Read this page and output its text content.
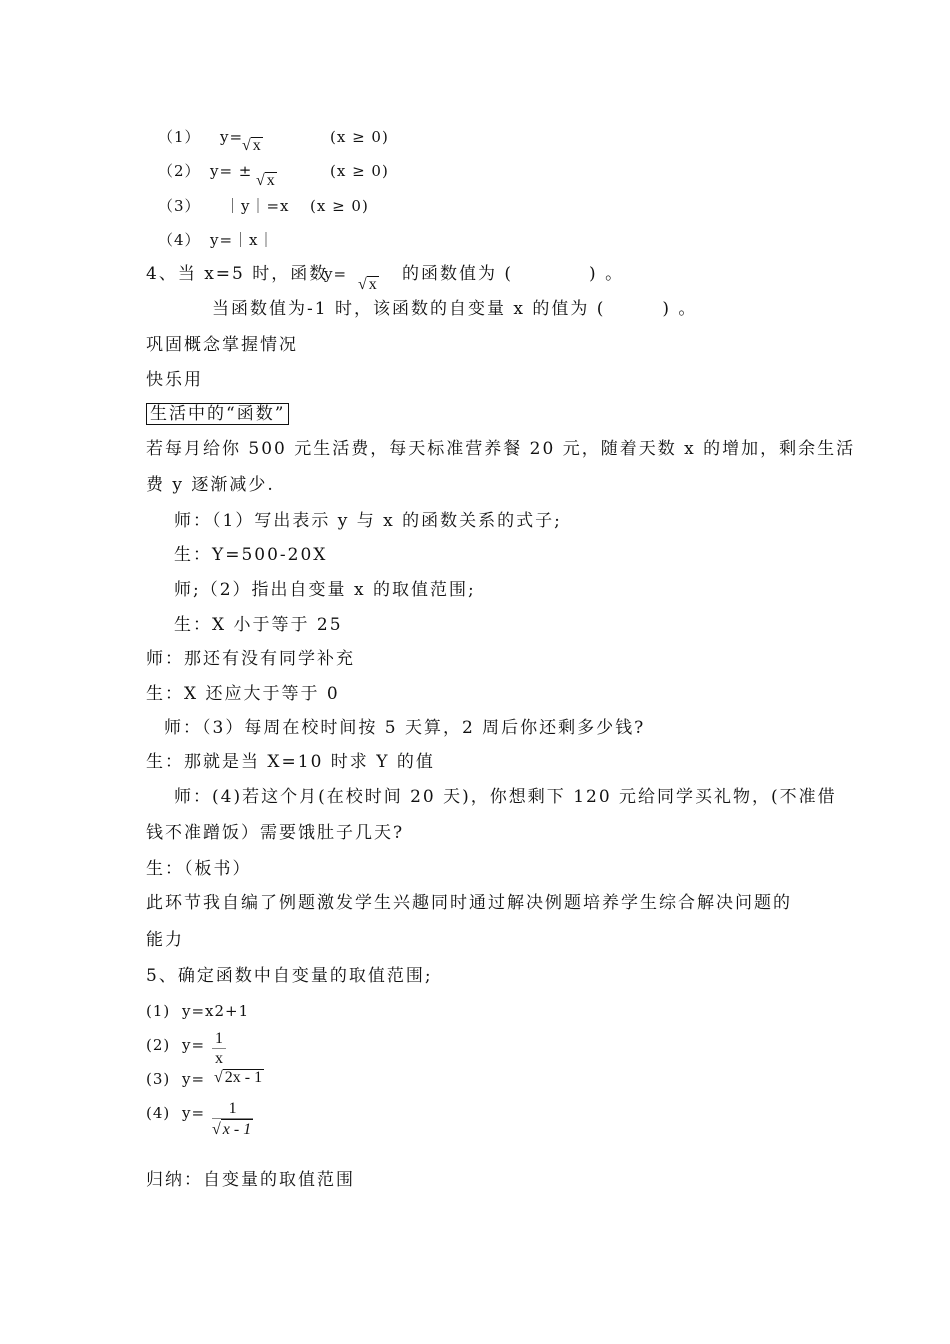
（1） y=
√ x	(x ≥ 0)
（2） y= ±
√ x
(x ≥ 0)
（3） ｜y｜=x (x ≥ 0)
（4） y=｜x｜
4、当 x=5 时，函数
y=
√ x
的函数值为 (　　　　) 。
当函数值为-1 时，该函数的自变量 x 的值为 (　　　) 。
巩固概念掌握情况
快乐用
生活中的“函数”
若每月给你 500 元生活费，每天标准营养餐 20 元，随着天数 x 的增加，剩余生活
费 y 逐渐减少.
师：（1）写出表示 y 与 x 的函数关系的式子;
生：Y=500-20X
师;（2）指出自变量 x 的取值范围;
生：X 小于等于 25
师：那还有没有同学补充
生：X 还应大于等于 0
师：（3）每周在校时间按 5 天算，2 周后你还剩多少钱?
生：那就是当 X=10 时求 Y 的值
师：(4)若这个月(在校时间 20 天)，你想剩下 120 元给同学买礼物，(不准借
钱不准蹭饭）需要饿肚子几天?
生：（板书）
此环节我自编了例题激发学生兴趣同时通过解决例题培养学生综合解决问题的
能力
5、确定函数中自变量的取值范围;
(1) y=x2+1
(2) $y= \frac{1}{x}$
(3) y= √ 2x - 1
(4) $y= \frac{1}{√ x - 1}$
归纳：自变量的取值范围
